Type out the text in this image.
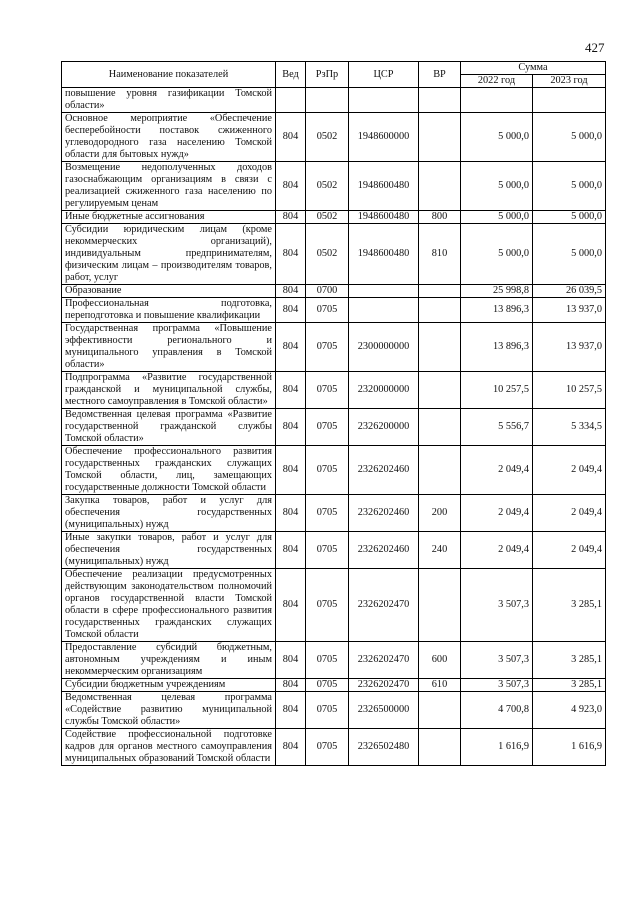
427
Наименование показателей	Вед	РзПр	ЦСР	ВР	Сумма	
					2022 год	2023 год
повышение уровня газификации Томской области»						
Основное мероприятие «Обеспечение бесперебойности поставок сжиженного углеводородного газа населению Томской области для бытовых нужд»	804	0502	1948600000		5 000,0	5 000,0
Возмещение недополученных доходов газоснабжающим организациям в связи с реализацией сжиженного газа населению по регулируемым ценам	804	0502	1948600480		5 000,0	5 000,0
Иные бюджетные ассигнования	804	0502	1948600480	800	5 000,0	5 000,0
Субсидии юридическим лицам (кроме некоммерческих организаций), индивидуальным предпринимателям, физическим лицам – производителям товаров, работ, услуг	804	0502	1948600480	810	5 000,0	5 000,0
Образование	804	0700			25 998,8	26 039,5
Профессиональная подготовка, переподготовка и повышение квалификации	804	0705			13 896,3	13 937,0
Государственная программа «Повышение эффективности регионального и муниципального управления в Томской области»	804	0705	2300000000		13 896,3	13 937,0
Подпрограмма «Развитие государственной гражданской и муниципальной службы, местного самоуправления в Томской области»	804	0705	2320000000		10 257,5	10 257,5
Ведомственная целевая программа «Развитие государственной гражданской службы Томской области»	804	0705	2326200000		5 556,7	5 334,5
Обеспечение профессионального развития государственных гражданских служащих Томской области, лиц, замещающих государственные должности Томской области	804	0705	2326202460		2 049,4	2 049,4
Закупка товаров, работ и услуг для обеспечения государственных (муниципальных) нужд	804	0705	2326202460	200	2 049,4	2 049,4
Иные закупки товаров, работ и услуг для обеспечения государственных (муниципальных) нужд	804	0705	2326202460	240	2 049,4	2 049,4
Обеспечение реализации предусмотренных действующим законодательством полномочий органов государственной власти Томской области в сфере профессионального развития государственных гражданских служащих Томской области	804	0705	2326202470		3 507,3	3 285,1
Предоставление субсидий бюджетным, автономным учреждениям и иным некоммерческим организациям	804	0705	2326202470	600	3 507,3	3 285,1
Субсидии бюджетным учреждениям	804	0705	2326202470	610	3 507,3	3 285,1
Ведомственная целевая программа «Содействие развитию муниципальной службы Томской области»	804	0705	2326500000		4 700,8	4 923,0
Содействие профессиональной подготовке кадров для органов местного самоуправления муниципальных образований Томской области	804	0705	2326502480		1 616,9	1 616,9
